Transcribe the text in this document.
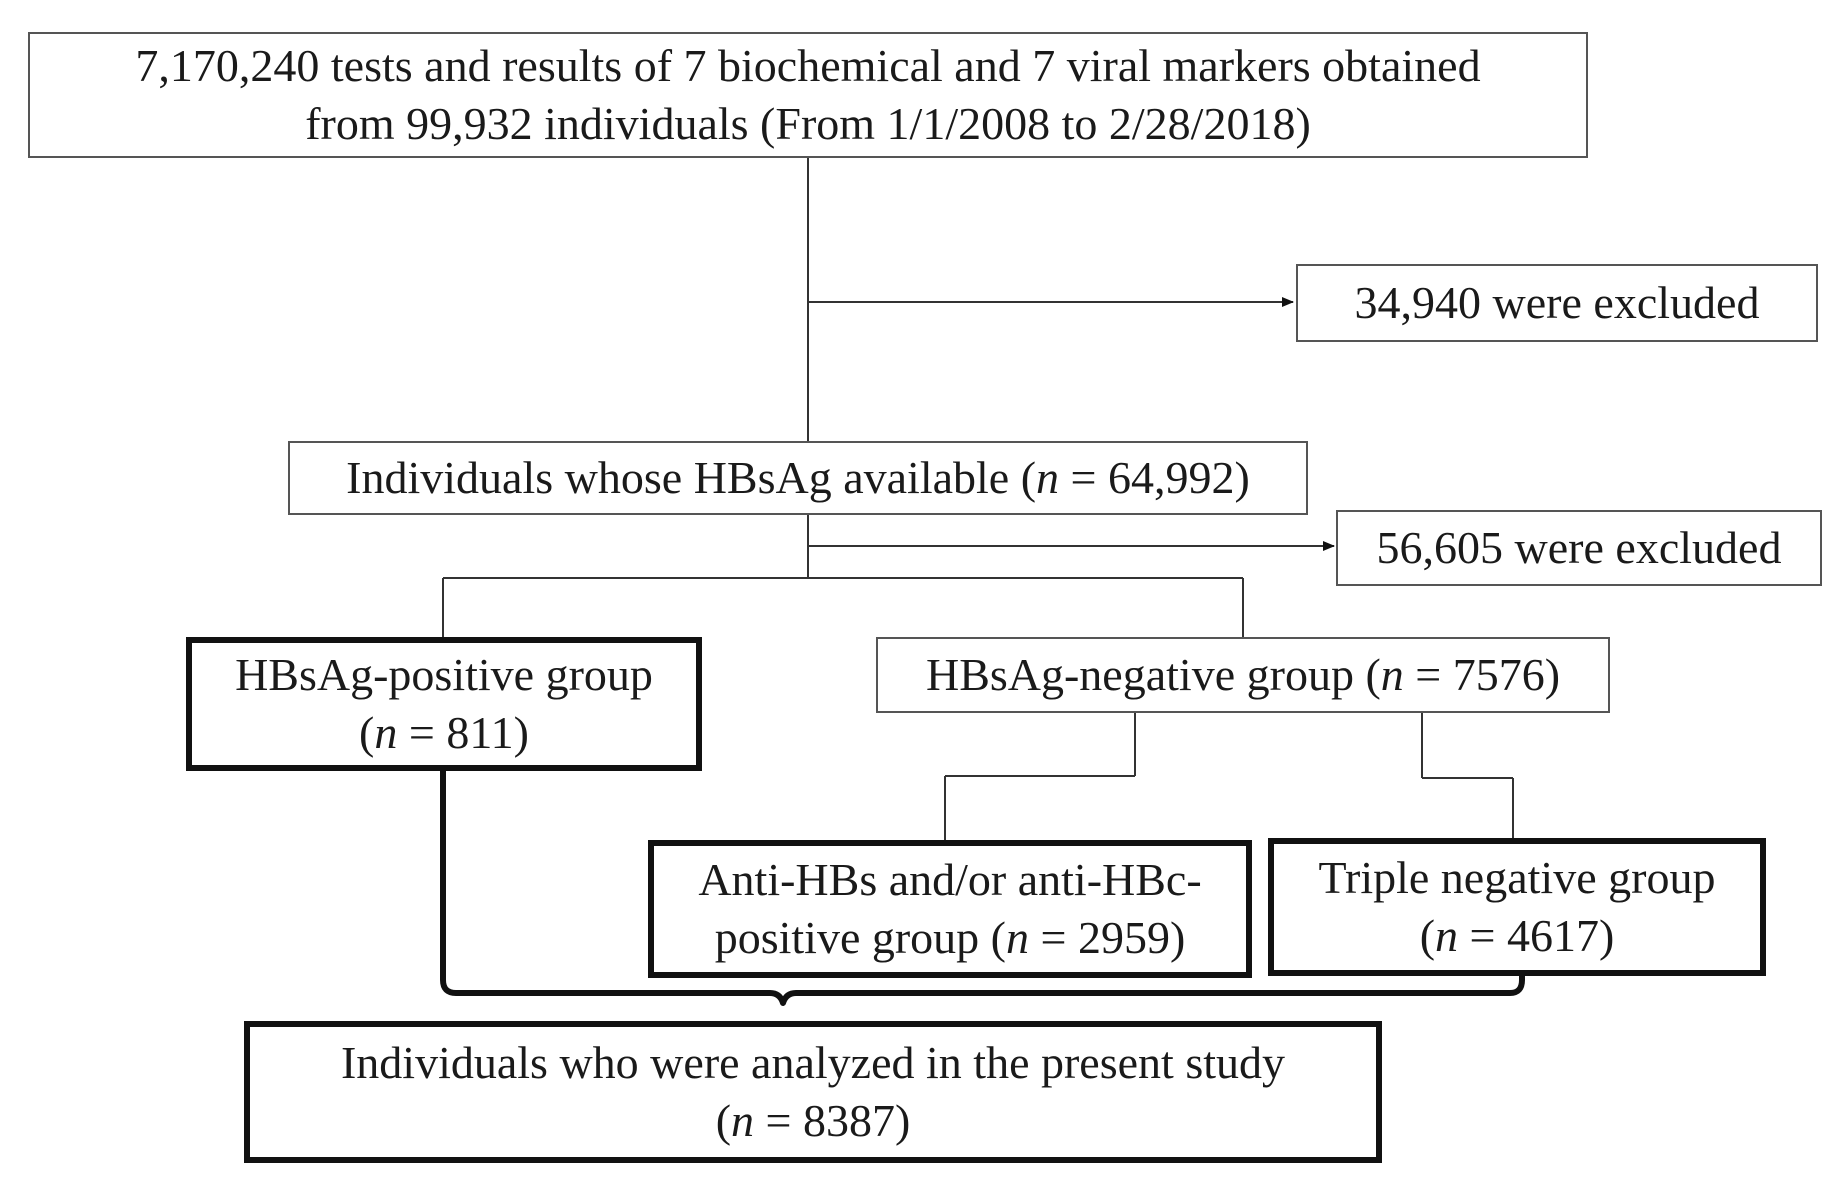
7,170,240 tests and results of 7 biochemical and 7 viral markers obtained
from 99,932 individuals (From 1/1/2008 to 2/28/2018)
34,940 were excluded
Individuals whose HBsAg available (n = 64,992)
56,605 were excluded
HBsAg-positive group
(n = 811)
HBsAg-negative group (n = 7576)
Anti-HBs and/or anti-HBc-
positive group (n = 2959)
Triple negative group
(n = 4617)
Individuals who were analyzed in the present study
(n = 8387)
